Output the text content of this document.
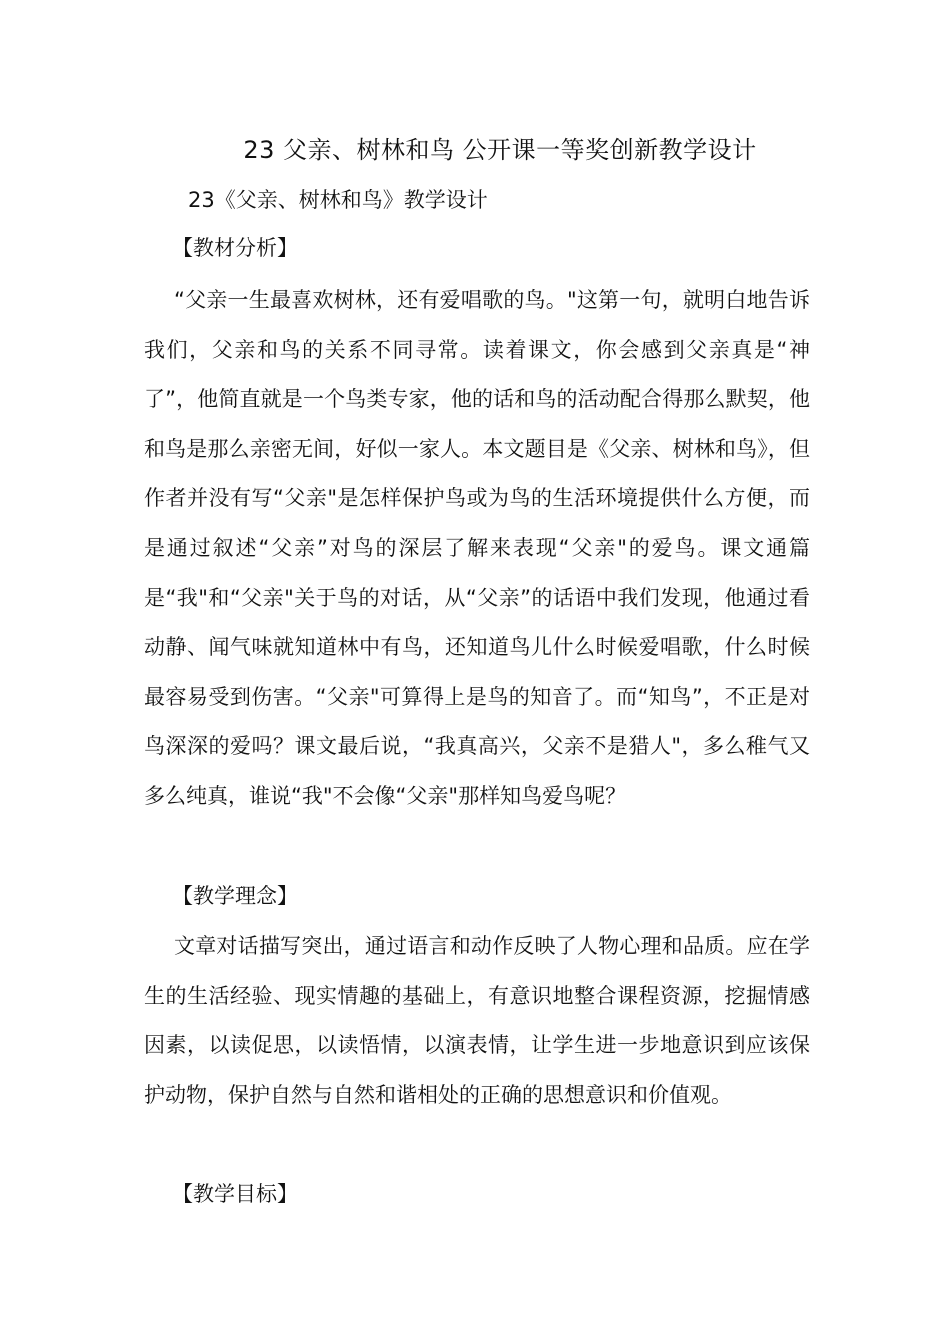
23 父亲、树林和鸟 公开课一等奖创新教学设计
23《父亲、树林和鸟》教学设计
【教材分析】
“父亲一生最喜欢树林，还有爱唱歌的鸟。"这第一句，就明白地告诉我们，父亲和鸟的关系不同寻常。读着课文，你会感到父亲真是“神了”，他简直就是一个鸟类专家，他的话和鸟的活动配合得那么默契，他和鸟是那么亲密无间，好似一家人。本文题目是《父亲、树林和鸟》，但作者并没有写“父亲"是怎样保护鸟或为鸟的生活环境提供什么方便，而是通过叙述“父亲”对鸟的深层了解来表现“父亲"的爱鸟。课文通篇是“我"和“父亲"关于鸟的对话，从“父亲”的话语中我们发现，他通过看动静、闻气味就知道林中有鸟，还知道鸟儿什么时候爱唱歌，什么时候最容易受到伤害。“父亲"可算得上是鸟的知音了。而“知鸟”，不正是对鸟深深的爱吗？课文最后说，“我真高兴，父亲不是猎人"，多么稚气又多么纯真，谁说“我"不会像“父亲"那样知鸟爱鸟呢？
【教学理念】
文章对话描写突出，通过语言和动作反映了人物心理和品质。应在学生的生活经验、现实情趣的基础上，有意识地整合课程资源，挖掘情感因素，以读促思，以读悟情，以演表情，让学生进一步地意识到应该保护动物，保护自然与自然和谐相处的正确的思想意识和价值观。
【教学目标】
